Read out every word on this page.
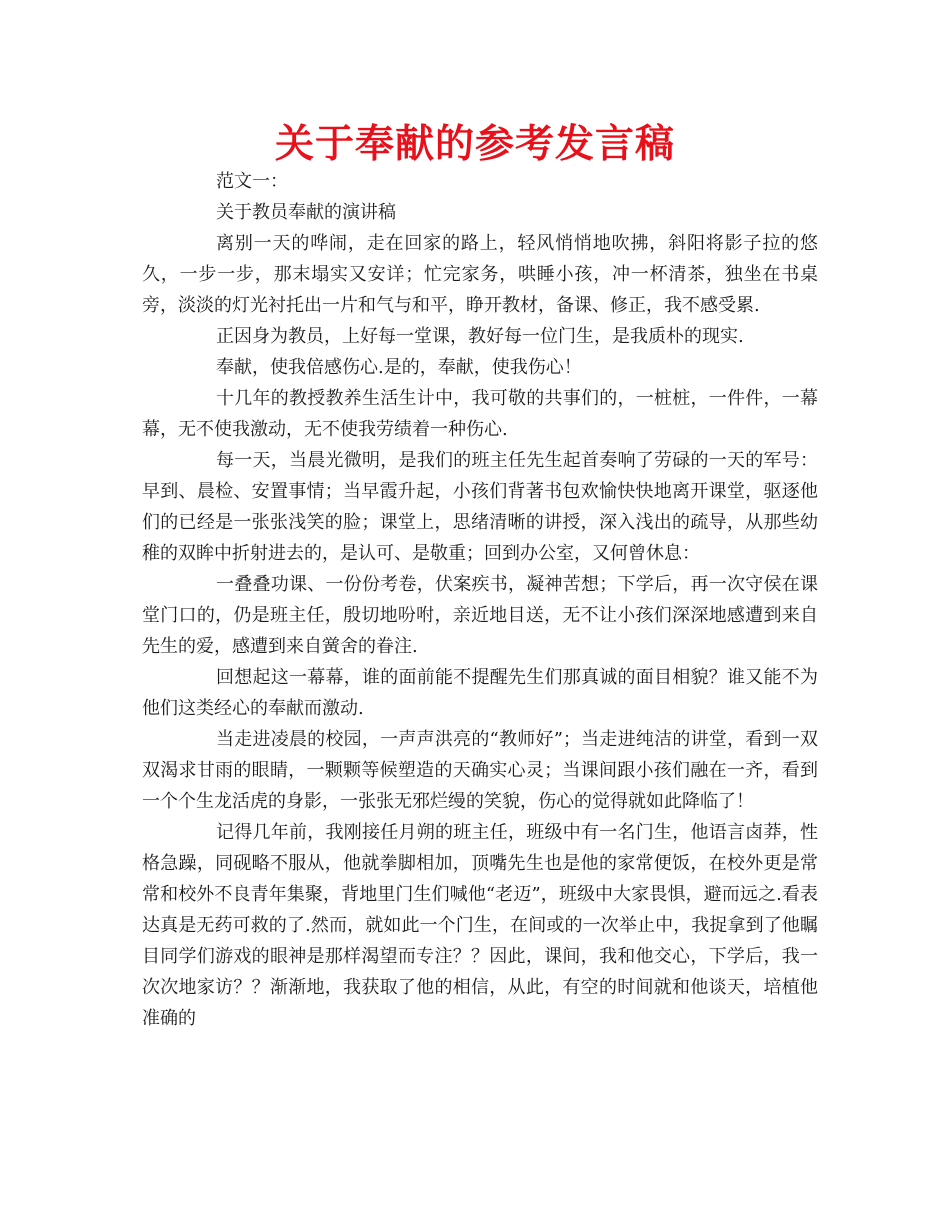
关于奉献的参考发言稿

范文一：

关于教员奉献的演讲稿

离别一天的哗闹，走在回家的路上，轻风悄悄地吹拂，斜阳将影子拉的悠久，一步一步，那末塌实又安详；忙完家务，哄睡小孩，冲一杯清茶，独坐在书桌旁，淡淡的灯光衬托出一片和气与和平，睁开教材，备课、修正，我不感受累.

正因身为教员，上好每一堂课，教好每一位门生，是我质朴的现实.

奉献，使我倍感伤心.是的，奉献，使我伤心！

十几年的教授教养生活生计中，我可敬的共事们的，一桩桩，一件件，一幕幕，无不使我激动，无不使我劳绩着一种伤心.

每一天，当晨光微明，是我们的班主任先生起首奏响了劳碌的一天的军号：早到、晨检、安置事情；当早霞升起，小孩们背著书包欢愉快快地离开课堂，驱逐他们的已经是一张张浅笑的脸；课堂上，思绪清晰的讲授，深入浅出的疏导，从那些幼稚的双眸中折射进去的，是认可、是敬重；回到办公室，又何曾休息：

一叠叠功课、一份份考卷，伏案疾书，凝神苦想；下学后，再一次守侯在课堂门口的，仍是班主任，殷切地吩咐，亲近地目送，无不让小孩们深深地感遭到来自先生的爱，感遭到来自黉舍的眷注.

回想起这一幕幕，谁的面前能不提醒先生们那真诚的面目相貌？谁又能不为他们这类经心的奉献而激动.

当走进凌晨的校园，一声声洪亮的“教师好”；当走进纯洁的讲堂，看到一双双渴求甘雨的眼睛，一颗颗等候塑造的天确实心灵；当课间跟小孩们融在一齐，看到一个个生龙活虎的身影，一张张无邪烂缦的笑貌，伤心的觉得就如此降临了！

记得几年前，我刚接任月朔的班主任，班级中有一名门生，他语言卤莽，性格急躁，同砚略不服从，他就拳脚相加，顶嘴先生也是他的家常便饭，在校外更是常常和校外不良青年集聚，背地里门生们喊他“老迈”，班级中大家畏惧，避而远之.看表达真是无药可救的了.然而，就如此一个门生，在间或的一次举止中，我捉拿到了他瞩目同学们游戏的眼神是那样渴望而专注？？因此，课间，我和他交心，下学后，我一次次地家访？？渐渐地，我获取了他的相信，从此，有空的时间就和他谈天，培植他准确的
